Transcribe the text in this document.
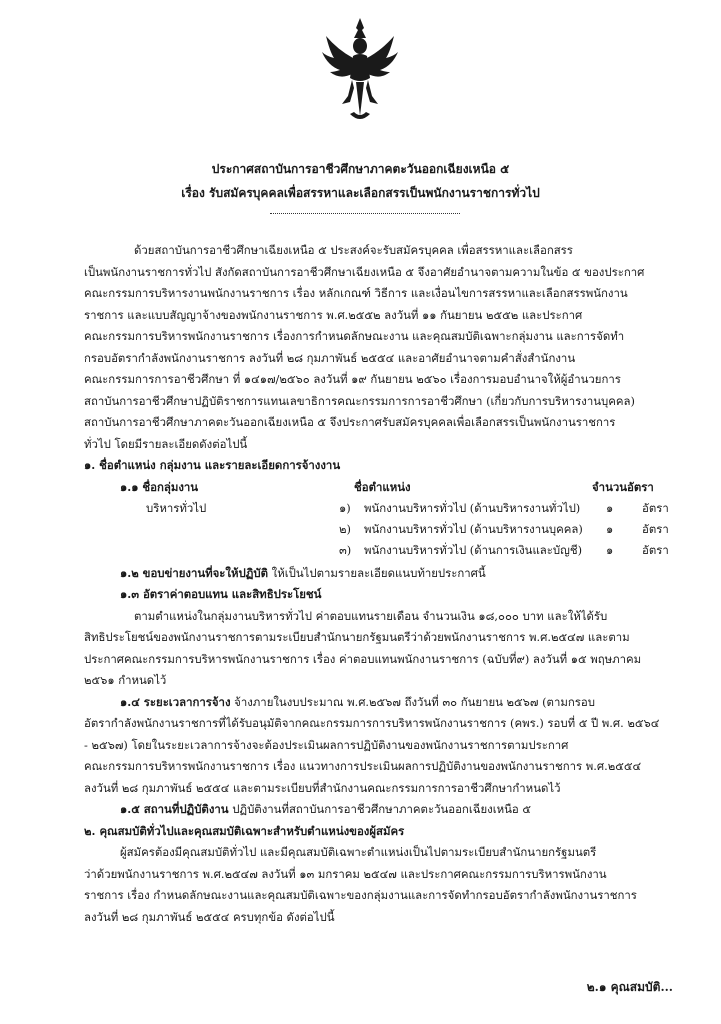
ประกาศสถาบันการอาชีวศึกษาภาคตะวันออกเฉียงเหนือ ๕
เรื่อง รับสมัครบุคคลเพื่อสรรหาและเลือกสรรเป็นพนักงานราชการทั่วไป
ด้วยสถาบันการอาชีวศึกษาเฉียงเหนือ ๕ ประสงค์จะรับสมัครบุคคล เพื่อสรรหาและเลือกสรร
เป็นพนักงานราชการทั่วไป สังกัดสถาบันการอาชีวศึกษาเฉียงเหนือ ๕ จึงอาศัยอำนาจตามความในข้อ ๕ ของประกาศ
คณะกรรมการบริหารงานพนักงานราชการ เรื่อง หลักเกณฑ์ วิธีการ และเงื่อนไขการสรรหาและเลือกสรรพนักงาน
ราชการ และแบบสัญญาจ้างของพนักงานราชการ พ.ศ.๒๕๕๒ ลงวันที่ ๑๑ กันยายน ๒๕๕๒ และประกาศ
คณะกรรมการบริหารพนักงานราชการ เรื่องการกำหนดลักษณะงาน และคุณสมบัติเฉพาะกลุ่มงาน และการจัดทำ
กรอบอัตรากำลังพนักงานราชการ ลงวันที่ ๒๘ กุมภาพันธ์ ๒๕๕๔ และอาศัยอำนาจตามคำสั่งสำนักงาน
คณะกรรมการการอาชีวศึกษา ที่ ๑๔๑๗/๒๕๖๐ ลงวันที่ ๑๙ กันยายน ๒๕๖๐ เรื่องการมอบอำนาจให้ผู้อำนวยการ
สถาบันการอาชีวศึกษาปฏิบัติราชการแทนเลขาธิการคณะกรรมการการอาชีวศึกษา (เกี่ยวกับการบริหารงานบุคคล)
สถาบันการอาชีวศึกษาภาคตะวันออกเฉียงเหนือ ๕ จึงประกาศรับสมัครบุคคลเพื่อเลือกสรรเป็นพนักงานราชการ
ทั่วไป โดยมีรายละเอียดดังต่อไปนี้
๑. ชื่อตำแหน่ง กลุ่มงาน และรายละเอียดการจ้างงาน
๑.๑ ชื่อกลุ่มงาน	ชื่อตำแหน่ง	จำนวนอัตรา
บริหารทั่วไป	๑) พนักงานบริหารทั่วไป (ด้านบริหารงานทั่วไป) ๑	อัตรา
๒) พนักงานบริหารทั่วไป (ด้านบริหารงานบุคคล) ๑	อัตรา
๓) พนักงานบริหารทั่วไป (ด้านการเงินและบัญชี) ๑	อัตรา
๑.๒ ขอบข่ายงานที่จะให้ปฏิบัติ ให้เป็นไปตามรายละเอียดแนบท้ายประกาศนี้
๑.๓ อัตราค่าตอบแทน และสิทธิประโยชน์
ตามตำแหน่งในกลุ่มงานบริหารทั่วไป ค่าตอบแทนรายเดือน จำนวนเงิน ๑๘,๐๐๐ บาท และให้ได้รับ
สิทธิประโยชน์ของพนักงานราชการตามระเบียบสำนักนายกรัฐมนตรีว่าด้วยพนักงานราชการ พ.ศ.๒๕๔๗ และตาม
ประกาศคณะกรรมการบริหารพนักงานราชการ เรื่อง ค่าตอบแทนพนักงานราชการ (ฉบับที่๙) ลงวันที่ ๑๕ พฤษภาคม
๒๕๖๑ กำหนดไว้
๑.๔ ระยะเวลาการจ้าง จ้างภายในงบประมาณ พ.ศ.๒๕๖๗ ถึงวันที่ ๓๐ กันยายน ๒๕๖๗ (ตามกรอบ
อัตรากำลังพนักงานราชการที่ได้รับอนุมัติจากคณะกรรมการการบริหารพนักงานราชการ (คพร.) รอบที่ ๕ ปี พ.ศ. ๒๕๖๔
- ๒๕๖๗) โดยในระยะเวลาการจ้างจะต้องประเมินผลการปฏิบัติงานของพนักงานราชการตามประกาศ
คณะกรรมการบริหารพนักงานราชการ เรื่อง แนวทางการประเมินผลการปฏิบัติงานของพนักงานราชการ พ.ศ.๒๕๕๔
ลงวันที่ ๒๘ กุมภาพันธ์ ๒๕๕๔ และตามระเบียบที่สำนักงานคณะกรรมการการอาชีวศึกษากำหนดไว้
๑.๕ สถานที่ปฏิบัติงาน ปฏิบัติงานที่สถาบันการอาชีวศึกษาภาคตะวันออกเฉียงเหนือ ๕
๒. คุณสมบัติทั่วไปและคุณสมบัติเฉพาะสำหรับตำแหน่งของผู้สมัคร
ผู้สมัครต้องมีคุณสมบัติทั่วไป และมีคุณสมบัติเฉพาะตำแหน่งเป็นไปตามระเบียบสำนักนายกรัฐมนตรี
ว่าด้วยพนักงานราชการ พ.ศ.๒๕๔๗ ลงวันที่ ๑๓ มกราคม ๒๕๔๗ และประกาศคณะกรรมการบริหารพนักงาน
ราชการ เรื่อง กำหนดลักษณะงานและคุณสมบัติเฉพาะของกลุ่มงานและการจัดทำกรอบอัตรากำลังพนักงานราชการ
ลงวันที่ ๒๘ กุมภาพันธ์ ๒๕๕๔ ครบทุกข้อ ดังต่อไปนี้
๒.๑ คุณสมบัติ...
